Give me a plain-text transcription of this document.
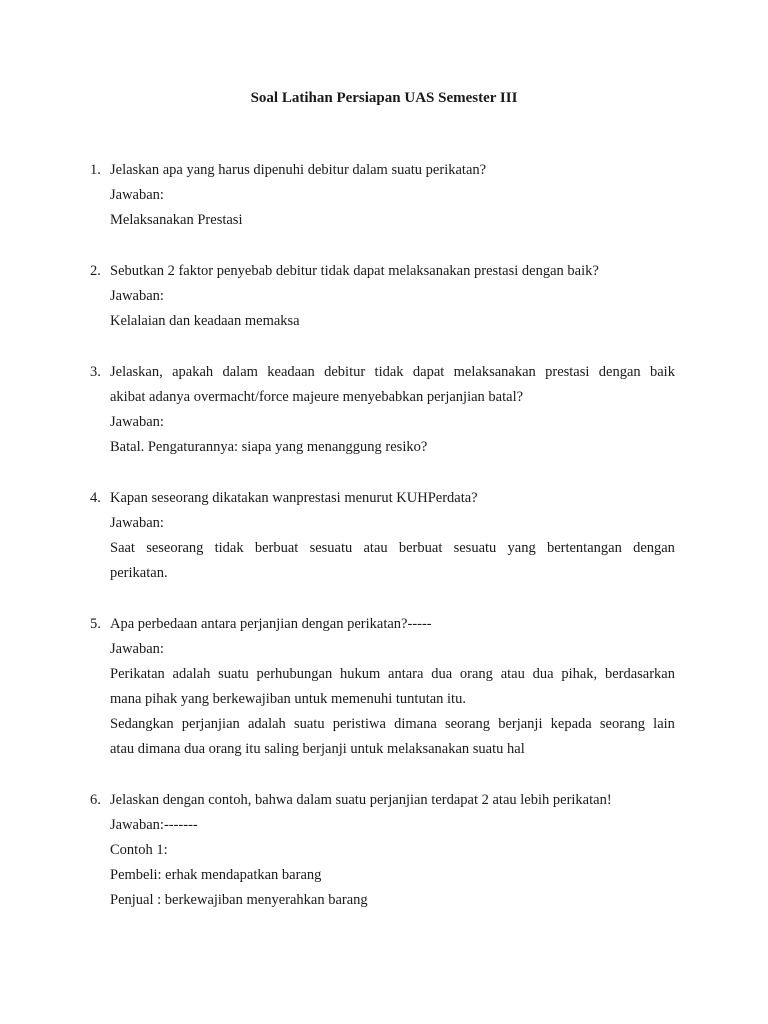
Soal Latihan Persiapan UAS Semester III
1. Jelaskan apa yang harus dipenuhi debitur dalam suatu perikatan?
Jawaban:
Melaksanakan Prestasi
2. Sebutkan 2 faktor penyebab debitur tidak dapat melaksanakan prestasi dengan baik?
Jawaban:
Kelalaian dan keadaan memaksa
3. Jelaskan, apakah dalam keadaan debitur tidak dapat melaksanakan prestasi dengan baik
akibat adanya overmacht/force majeure menyebabkan perjanjian batal?
Jawaban:
Batal. Pengaturannya: siapa yang menanggung resiko?
4. Kapan seseorang dikatakan wanprestasi menurut KUHPerdata?
Jawaban:
Saat seseorang tidak berbuat sesuatu atau berbuat sesuatu yang bertentangan dengan
perikatan.
5. Apa perbedaan antara perjanjian dengan perikatan?-----
Jawaban:
Perikatan adalah suatu perhubungan hukum antara dua orang atau dua pihak, berdasarkan
mana pihak yang berkewajiban untuk memenuhi tuntutan itu.
Sedangkan perjanjian adalah suatu peristiwa dimana seorang berjanji kepada seorang lain
atau dimana dua orang itu saling berjanji untuk melaksanakan suatu hal
6. Jelaskan dengan contoh, bahwa dalam suatu perjanjian terdapat 2 atau lebih perikatan!
Jawaban:-------
Contoh 1:
Pembeli: erhak mendapatkan barang
Penjual : berkewajiban menyerahkan barang
